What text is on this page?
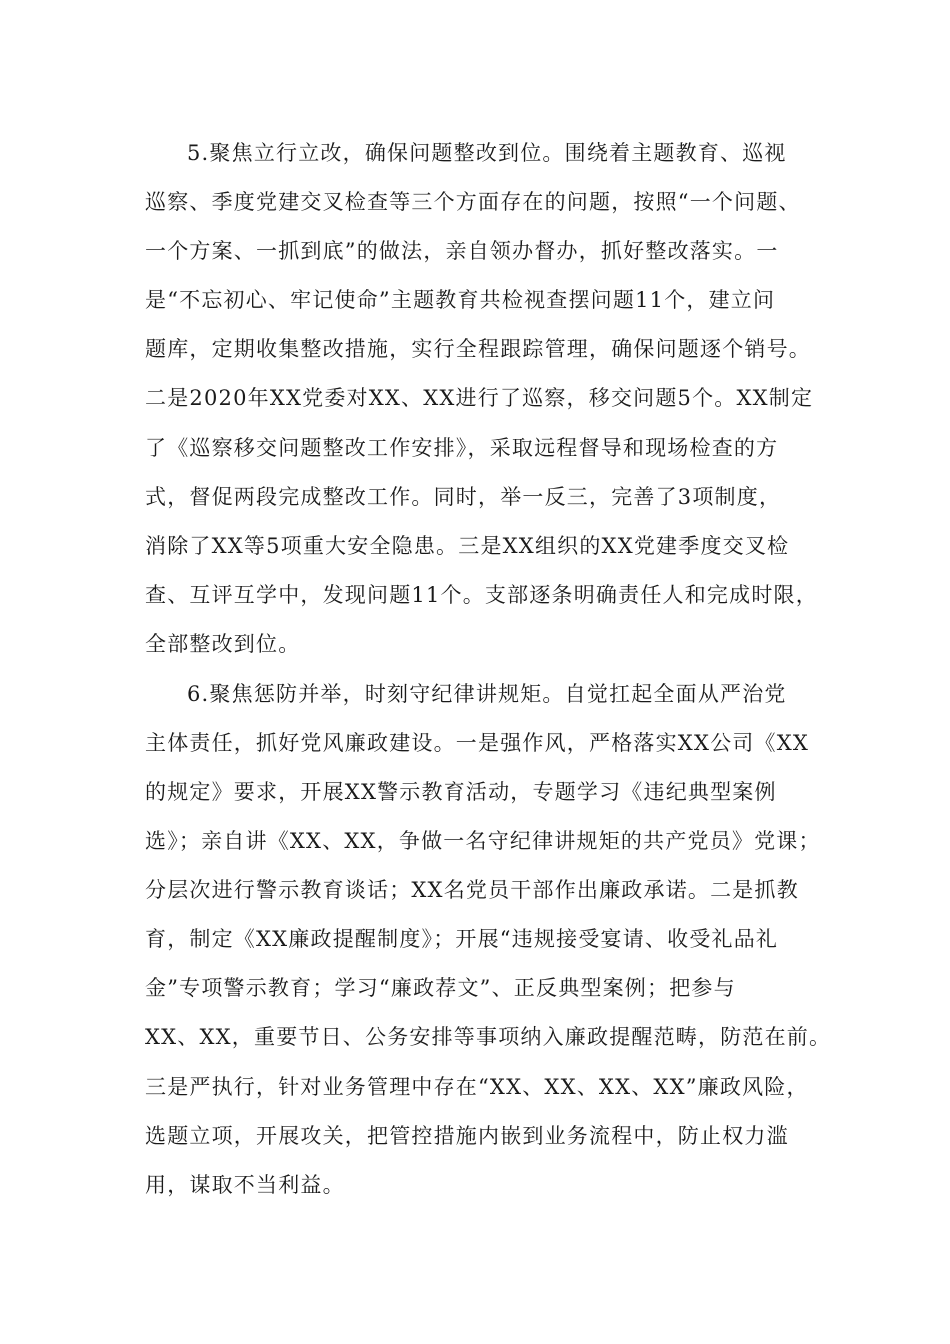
5.聚焦立行立改，确保问题整改到位。围绕着主题教育、巡视
巡察、季度党建交叉检查等三个方面存在的问题，按照“一个问题、
一个方案、一抓到底”的做法，亲自领办督办，抓好整改落实。一
是“不忘初心、牢记使命”主题教育共检视查摆问题11个，建立问
题库，定期收集整改措施，实行全程跟踪管理，确保问题逐个销号。
二是2020年XX党委对XX、XX进行了巡察，移交问题5个。XX制定
了《巡察移交问题整改工作安排》，采取远程督导和现场检查的方
式，督促两段完成整改工作。同时，举一反三，完善了3项制度，
消除了XX等5项重大安全隐患。三是XX组织的XX党建季度交叉检
查、互评互学中，发现问题11个。支部逐条明确责任人和完成时限，
全部整改到位。
6.聚焦惩防并举，时刻守纪律讲规矩。自觉扛起全面从严治党
主体责任，抓好党风廉政建设。一是强作风，严格落实XX公司《XX
的规定》要求，开展XX警示教育活动，专题学习《违纪典型案例
选》；亲自讲《XX、XX，争做一名守纪律讲规矩的共产党员》党课；
分层次进行警示教育谈话；XX名党员干部作出廉政承诺。二是抓教
育，制定《XX廉政提醒制度》；开展“违规接受宴请、收受礼品礼
金”专项警示教育；学习“廉政荐文”、正反典型案例；把参与
XX、XX，重要节日、公务安排等事项纳入廉政提醒范畴，防范在前。
三是严执行，针对业务管理中存在“XX、XX、XX、XX”廉政风险，
选题立项，开展攻关，把管控措施内嵌到业务流程中，防止权力滥
用，谋取不当利益。
